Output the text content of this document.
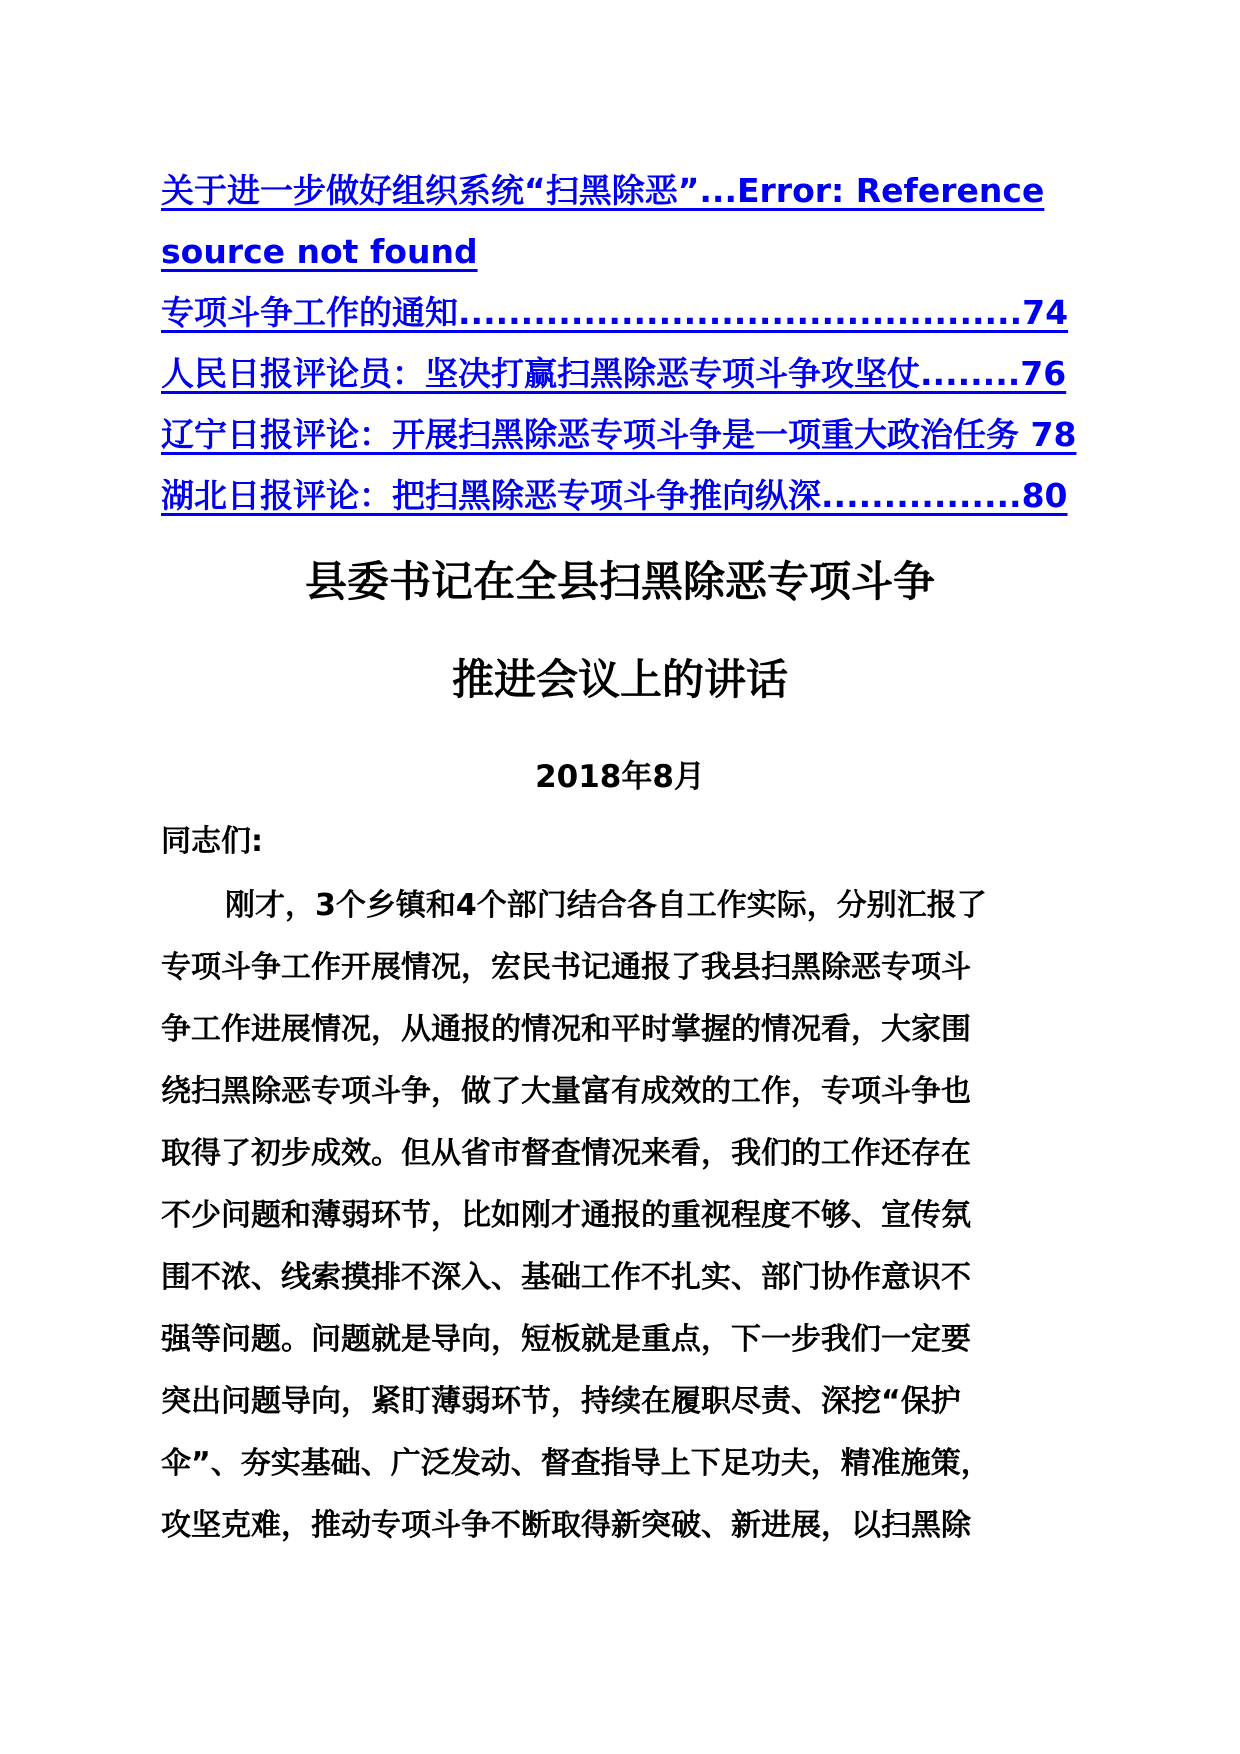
关于进一步做好组织系统“扫黑除恶”...Error: Reference source not found
专项斗争工作的通知.............................................74
人民日报评论员：坚决打赢扫黑除恶专项斗争攻坚仗........76
辽宁日报评论：开展扫黑除恶专项斗争是一项重大政治任务 78
湖北日报评论：把扫黑除恶专项斗争推向纵深................80
县委书记在全县扫黑除恶专项斗争
推进会议上的讲话
2018年8月
同志们:
刚才，3个乡镇和4个部门结合各自工作实际，分别汇报了
专项斗争工作开展情况，宏民书记通报了我县扫黑除恶专项斗
争工作进展情况，从通报的情况和平时掌握的情况看，大家围
绕扫黑除恶专项斗争，做了大量富有成效的工作，专项斗争也
取得了初步成效。但从省市督查情况来看，我们的工作还存在
不少问题和薄弱环节，比如刚才通报的重视程度不够、宣传氛
围不浓、线索摸排不深入、基础工作不扎实、部门协作意识不
强等问题。问题就是导向，短板就是重点，下一步我们一定要
突出问题导向，紧盯薄弱环节，持续在履职尽责、深挖“保护
伞”、夯实基础、广泛发动、督查指导上下足功夫，精准施策，
攻坚克难，推动专项斗争不断取得新突破、新进展，以扫黑除
